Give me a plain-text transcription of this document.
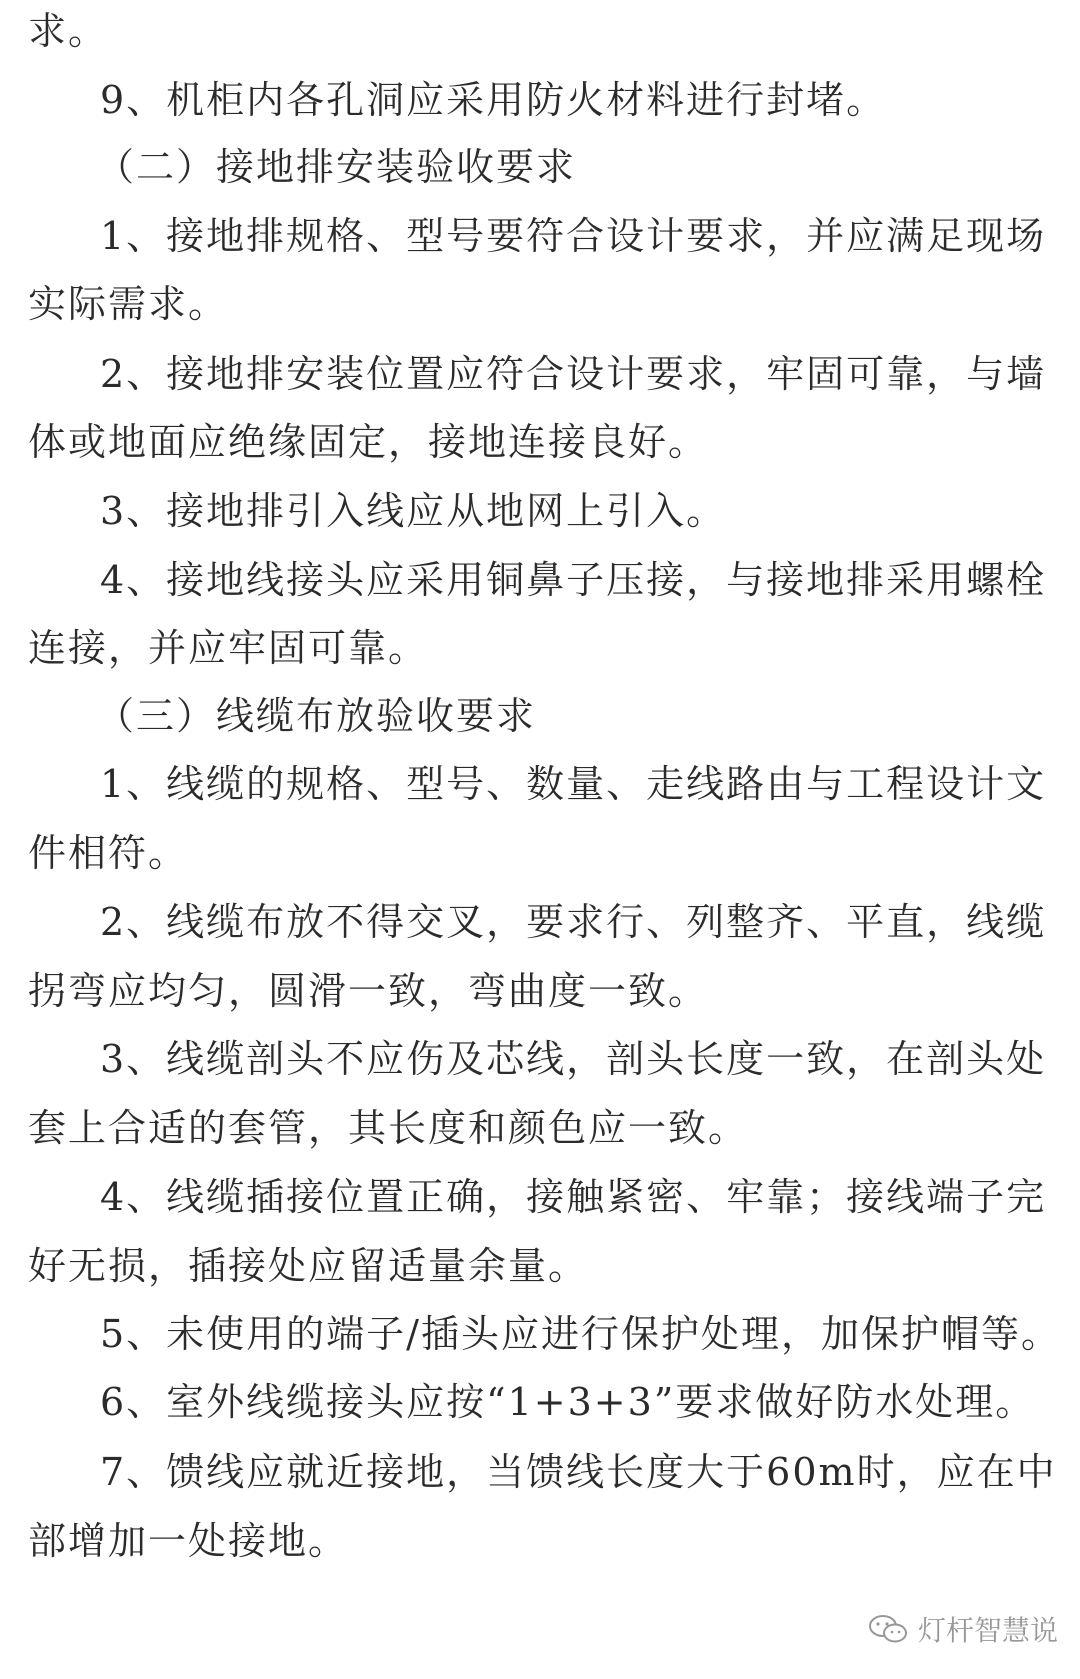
求。
9、机柜内各孔洞应采用防火材料进行封堵。
（二）接地排安装验收要求
1、接地排规格、型号要符合设计要求，并应满足现场
实际需求。
2、接地排安装位置应符合设计要求，牢固可靠，与墙
体或地面应绝缘固定，接地连接良好。
3、接地排引入线应从地网上引入。
4、接地线接头应采用铜鼻子压接，与接地排采用螺栓
连接，并应牢固可靠。
（三）线缆布放验收要求
1、线缆的规格、型号、数量、走线路由与工程设计文
件相符。
2、线缆布放不得交叉，要求行、列整齐、平直，线缆
拐弯应均匀，圆滑一致，弯曲度一致。
3、线缆剖头不应伤及芯线，剖头长度一致，在剖头处
套上合适的套管，其长度和颜色应一致。
4、线缆插接位置正确，接触紧密、牢靠；接线端子完
好无损，插接处应留适量余量。
5、未使用的端子/插头应进行保护处理，加保护帽等。
6、室外线缆接头应按“1+3+3”要求做好防水处理。
7、馈线应就近接地，当馈线长度大于60m时，应在中
部增加一处接地。
灯杆智慧说
